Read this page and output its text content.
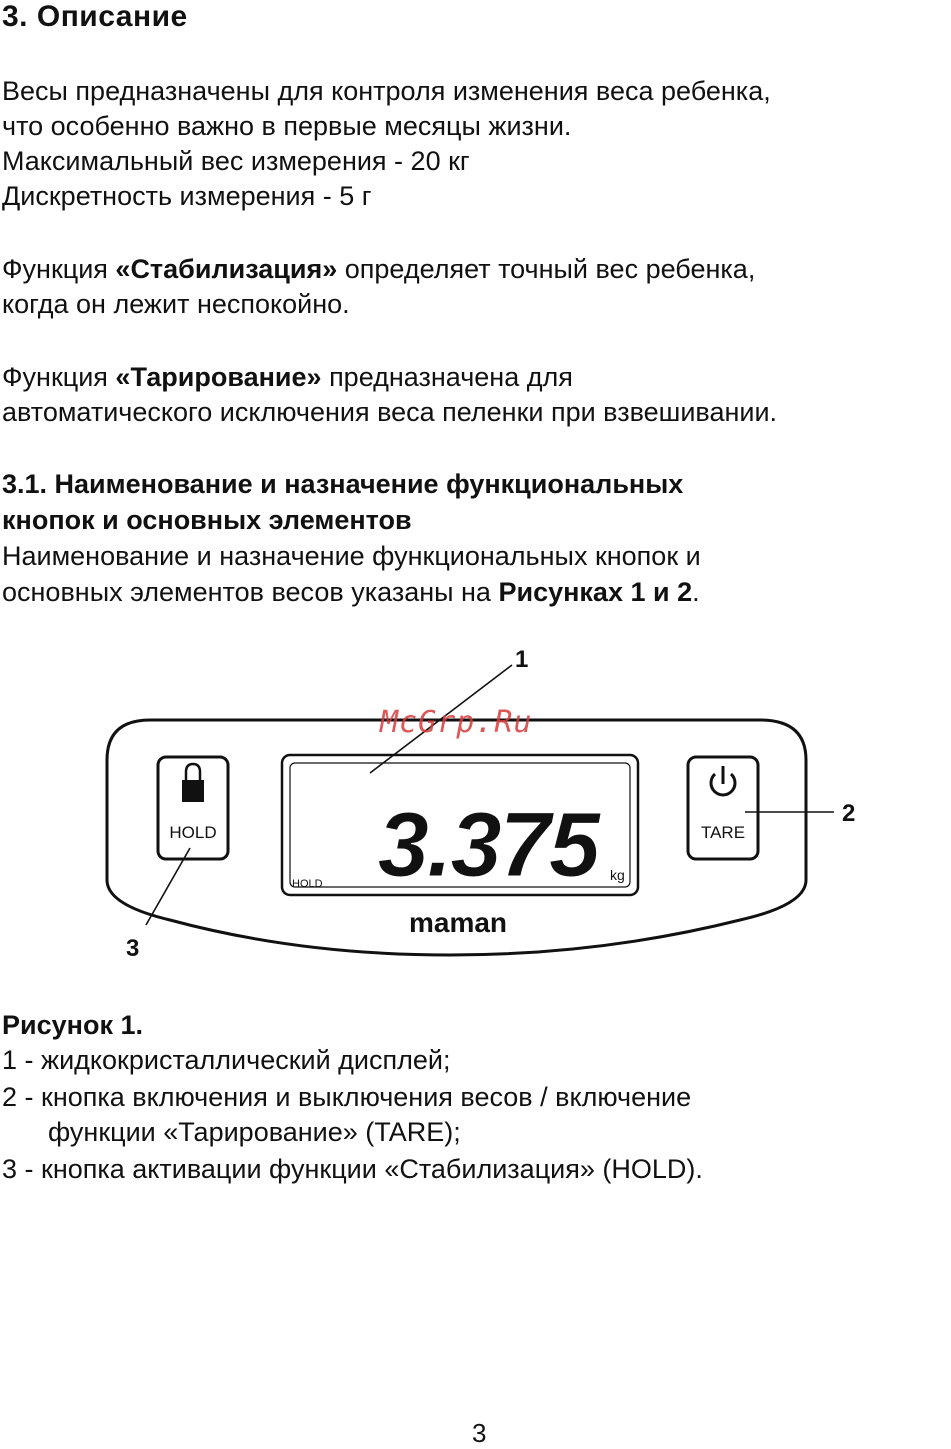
3. Описание
Весы предназначены для контроля изменения веса ребенка,
что особенно важно в первые месяцы жизни.
Максимальный вес измерения - 20 кг
Дискретность измерения - 5 г
Функция «Стабилизация» определяет точный вес ребенка,
когда он лежит неспокойно.
Функция «Тарирование» предназначена для
автоматического исключения веса пеленки при взвешивании.
3.1. Наименование и назначение функциональных
кнопок и основных элементов
Наименование и назначение функциональных кнопок и
основных элементов весов указаны на Рисунках 1 и 2.
3.375 kg
HOLD
HOLD	TARE
maman
1
2
3
McGrp.Ru
Рисунок 1.
1 - жидкокристаллический дисплей;
2 - кнопка включения и выключения весов / включение
функции «Тарирование» (TARE);
3 - кнопка активации функции «Стабилизация» (HOLD).
3
